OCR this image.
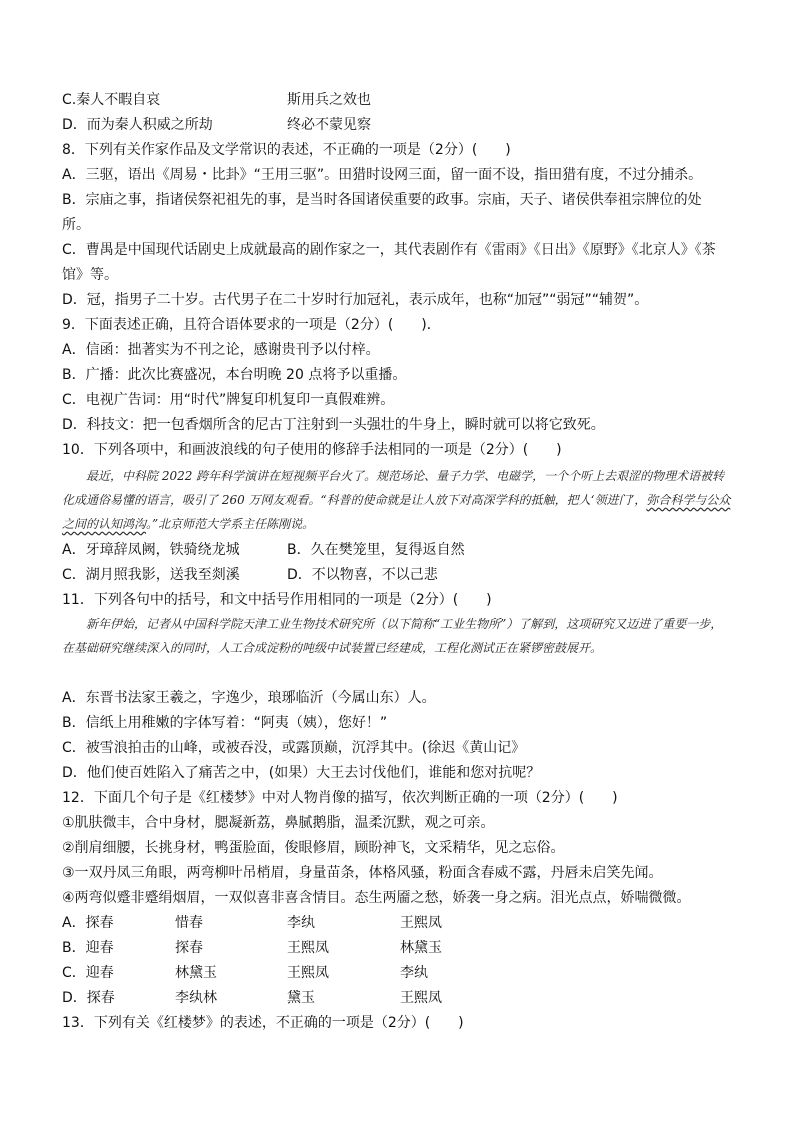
C.秦人不暇自哀	斯用兵之效也
D．而为秦人积威之所劫	终必不蒙见察
8．下列有关作家作品及文学常识的表述，不正确的一项是（2分）(　　)
A．三驱，语出《周易・比卦》“王用三驱”。田猎时设网三面，留一面不设，指田猎有度，不过分捕杀。
B．宗庙之事，指诸侯祭祀祖先的事，是当时各国诸侯重要的政事。宗庙，天子、诸侯供奉祖宗牌位的处
所。
C．曹禺是中国现代话剧史上成就最高的剧作家之一，其代表剧作有《雷雨》《日出》《原野》《北京人》《茶
馆》等。
D．冠，指男子二十岁。古代男子在二十岁时行加冠礼，表示成年，也称“加冠”“弱冠”“辅贺”。
9．下面表述正确，且符合语体要求的一项是（2分）(　　)．
A．信函：拙著实为不刊之论，感谢贵刊予以付梓。
B．广播：此次比赛盛况，本台明晚 20 点将予以重播。
C．电视广告词：用“时代”牌复印机复印一真假难辨。
D．科技文：把一包香烟所含的尼古丁注射到一头强壮的牛身上，瞬时就可以将它致死。
10．下列各项中，和画波浪线的句子使用的修辞手法相同的一项是（2分）(　　)
最近，中科院 2022 跨年科学演讲在短视频平台火了。规范场论、量子力学、电磁学，一个个听上去艰涩的物理术语被转化成通俗易懂的语言，吸引了 260 万网友观看。“科普的使命就是让人放下对高深学科的抵触，把人‘领进门’，弥合科学与公众之间的认知鸿沟。”北京师范大学系主任陈刚说。
A．牙璋辞凤阙，铁骑绕龙城	B．久在樊笼里，复得返自然
C．湖月照我影，送我至剡溪	D．不以物喜，不以己悲
11．下列各句中的括号，和文中括号作用相同的一项是（2分）(　　)
新年伊始，记者从中国科学院天津工业生物技术研究所（以下简称“工业生物所”）了解到，这项研究又迈进了重要一步，在基础研究继续深入的同时，人工合成淀粉的吨级中试装置已经建成，工程化测试正在紧锣密鼓展开。
A．东晋书法家王羲之，字逸少，琅琊临沂（今属山东）人。
B．信纸上用稚嫩的字体写着：“阿夷（姨），您好！”
C．被雪浪拍击的山峰，或被吞没，或露顶巅，沉浮其中。(徐迟《黄山记》
D．他们使百姓陷入了痛苦之中，(如果）大王去讨伐他们，谁能和您对抗呢？
12．下面几个句子是《红楼梦》中对人物肖像的描写，依次判断正确的一项（2分）(　　)
①肌肤微丰，合中身材，腮凝新荔，鼻腻鹅脂，温柔沉默，观之可亲。
②削肩细腰，长挑身材，鸭蛋脸面，俊眼修眉，顾盼神飞，文采精华，见之忘俗。
③一双丹凤三角眼，两弯柳叶吊梢眉，身量苗条，体格风骚，粉面含春威不露，丹唇未启笑先闻。
④两弯似蹙非蹙绢烟眉，一双似喜非喜含情目。态生两靥之愁，娇袭一身之病。泪光点点，娇喘微微。
A．探春	惜春	李纨	王熙凤
B．迎春	探春	王熙凤	林黛玉
C．迎春	林黛玉	王熙凤	李纨
D．探春	李纨林	黛玉	王熙凤
13．下列有关《红楼梦》的表述，不正确的一项是（2分）(　　)
